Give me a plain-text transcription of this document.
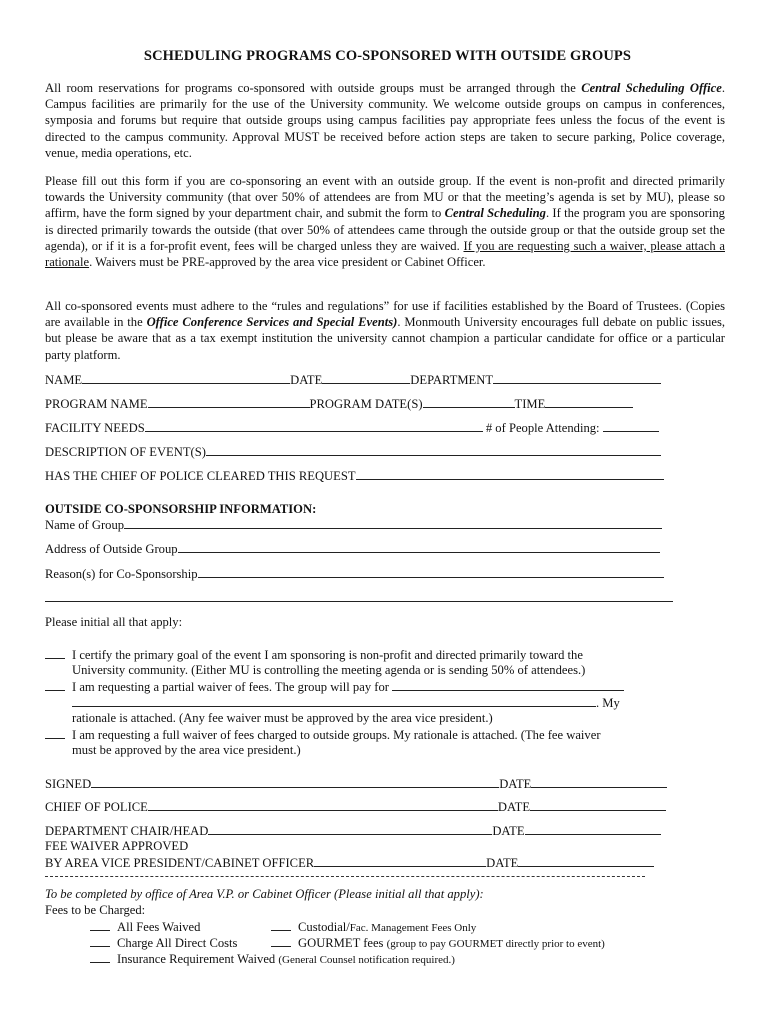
SCHEDULING PROGRAMS CO-SPONSORED WITH OUTSIDE GROUPS

All room reservations for programs co-sponsored with outside groups must be arranged through the Central Scheduling Office. Campus facilities are primarily for the use of the University community. We welcome outside groups on campus in conferences, symposia and forums but require that outside groups using campus facilities pay appropriate fees unless the focus of the event is directed to the campus community. Approval MUST be received before action steps are taken to secure parking, Police coverage, venue, media operations, etc.

Please fill out this form if you are co-sponsoring an event with an outside group. If the event is non-profit and directed primarily towards the University community (that over 50% of attendees are from MU or that the meeting’s agenda is set by MU), please so affirm, have the form signed by your department chair, and submit the form to Central Scheduling. If the program you are sponsoring is directed primarily towards the outside (that over 50% of attendees came through the outside group or that the outside group set the agenda), or if it is a for-profit event, fees will be charged unless they are waived. If you are requesting such a waiver, please attach a rationale. Waivers must be PRE-approved by the area vice president or Cabinet Officer.

All co-sponsored events must adhere to the “rules and regulations” for use if facilities established by the Board of Trustees. (Copies are available in the Office Conference Services and Special Events). Monmouth University encourages full debate on public issues, but please be aware that as a tax exempt institution the university cannot champion a particular candidate for office or a particular party platform.

NAME	DATE	DEPARTMENT
PROGRAM NAME	PROGRAM DATE(S)	TIME
FACILITY NEEDS	# of People Attending:
DESCRIPTION OF EVENT(S)
HAS THE CHIEF OF POLICE CLEARED THIS REQUEST
OUTSIDE CO-SPONSORSHIP INFORMATION:
Name of Group
Address of Outside Group
Reason(s) for Co-Sponsorship
Please initial all that apply:
I certify the primary goal of the event I am sponsoring is non-profit and directed primarily toward the
University community. (Either MU is controlling the meeting agenda or is sending 50% of attendees.)
I am requesting a partial waiver of fees. The group will pay for
. My
rationale is attached. (Any fee waiver must be approved by the area vice president.)
I am requesting a full waiver of fees charged to outside groups. My rationale is attached. (The fee waiver
must be approved by the area vice president.)
SIGNED	DATE
CHIEF OF POLICE	DATE
DEPARTMENT CHAIR/HEAD	DATE
FEE WAIVER APPROVED
BY AREA VICE PRESIDENT/CABINET OFFICER	DATE
To be completed by office of Area V.P. or Cabinet Officer (Please initial all that apply):
Fees to be Charged:
All Fees Waived
Charge All Direct Costs
Insurance Requirement Waived (General Counsel notification required.)
Custodial/Fac. Management Fees Only
GOURMET fees (group to pay GOURMET directly prior to event)
